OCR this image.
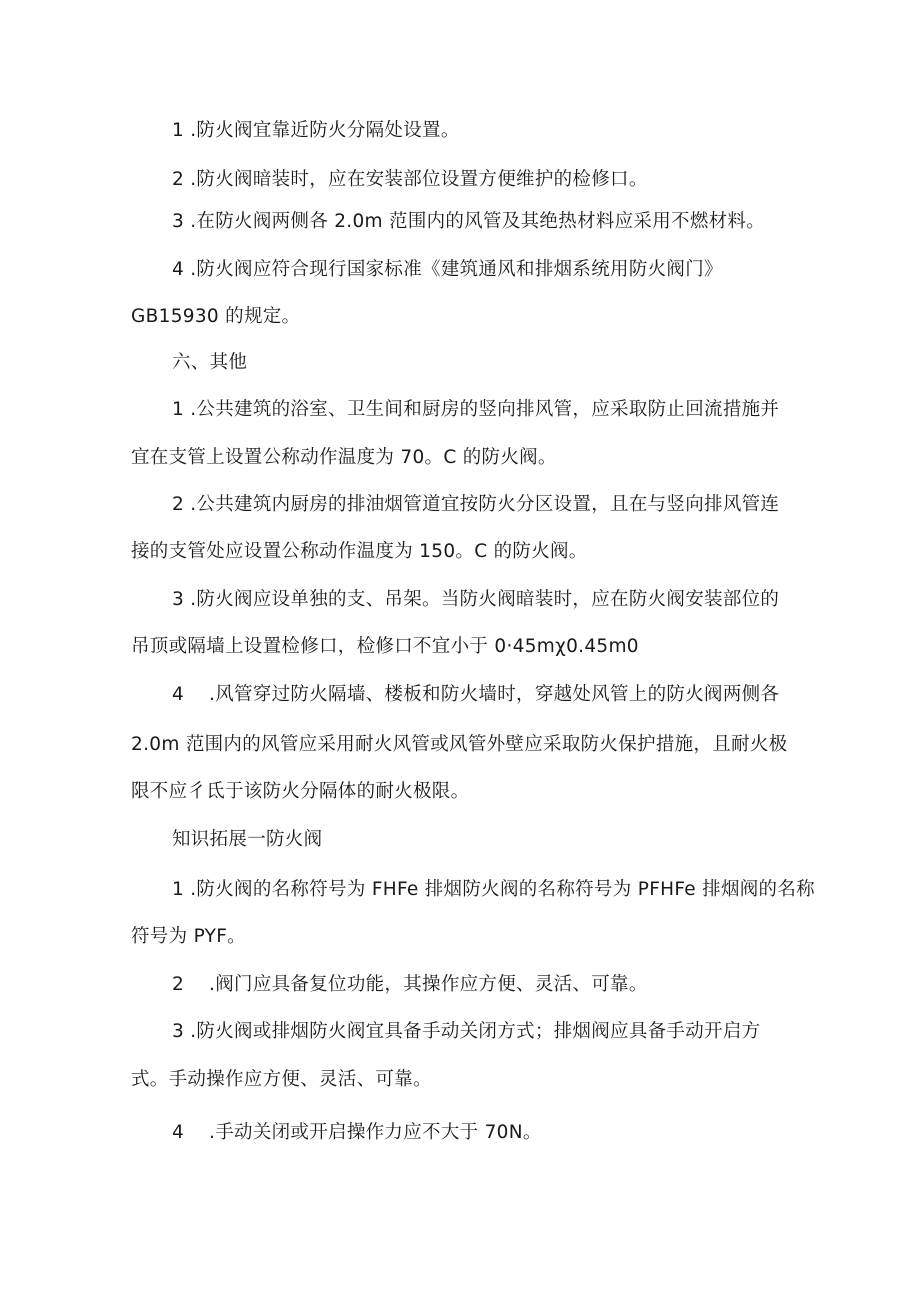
1 .防火阀宜靠近防火分隔处设置。
2 .防火阀暗装时，应在安装部位设置方便维护的检修口。
3 .在防火阀两侧各 2.0m 范围内的风管及其绝热材料应采用不燃材料。
4 .防火阀应符合现行国家标准《建筑通风和排烟系统用防火阀门》
GB15930 的规定。
六、其他
1 .公共建筑的浴室、卫生间和厨房的竖向排风管，应采取防止回流措施并
宜在支管上设置公称动作温度为 70。C 的防火阀。
2 .公共建筑内厨房的排油烟管道宜按防火分区设置，且在与竖向排风管连
接的支管处应设置公称动作温度为 150。C 的防火阀。
3 .防火阀应设单独的支、吊架。当防火阀暗装时，应在防火阀安装部位的
吊顶或隔墙上设置检修口，检修口不宜小于 0·45mχ0.45m0
4 　.风管穿过防火隔墙、楼板和防火墙时，穿越处风管上的防火阀两侧各
2.0m 范围内的风管应采用耐火风管或风管外壁应采取防火保护措施，且耐火极
限不应彳氐于该防火分隔体的耐火极限。
知识拓展一防火阀
1 .防火阀的名称符号为 FHFe 排烟防火阀的名称符号为 PFHFe 排烟阀的名称
符号为 PYF。
2 　.阀门应具备复位功能，其操作应方便、灵活、可靠。
3 .防火阀或排烟防火阀宜具备手动关闭方式；排烟阀应具备手动开启方
式。手动操作应方便、灵活、可靠。
4 　.手动关闭或开启操作力应不大于 70N。
